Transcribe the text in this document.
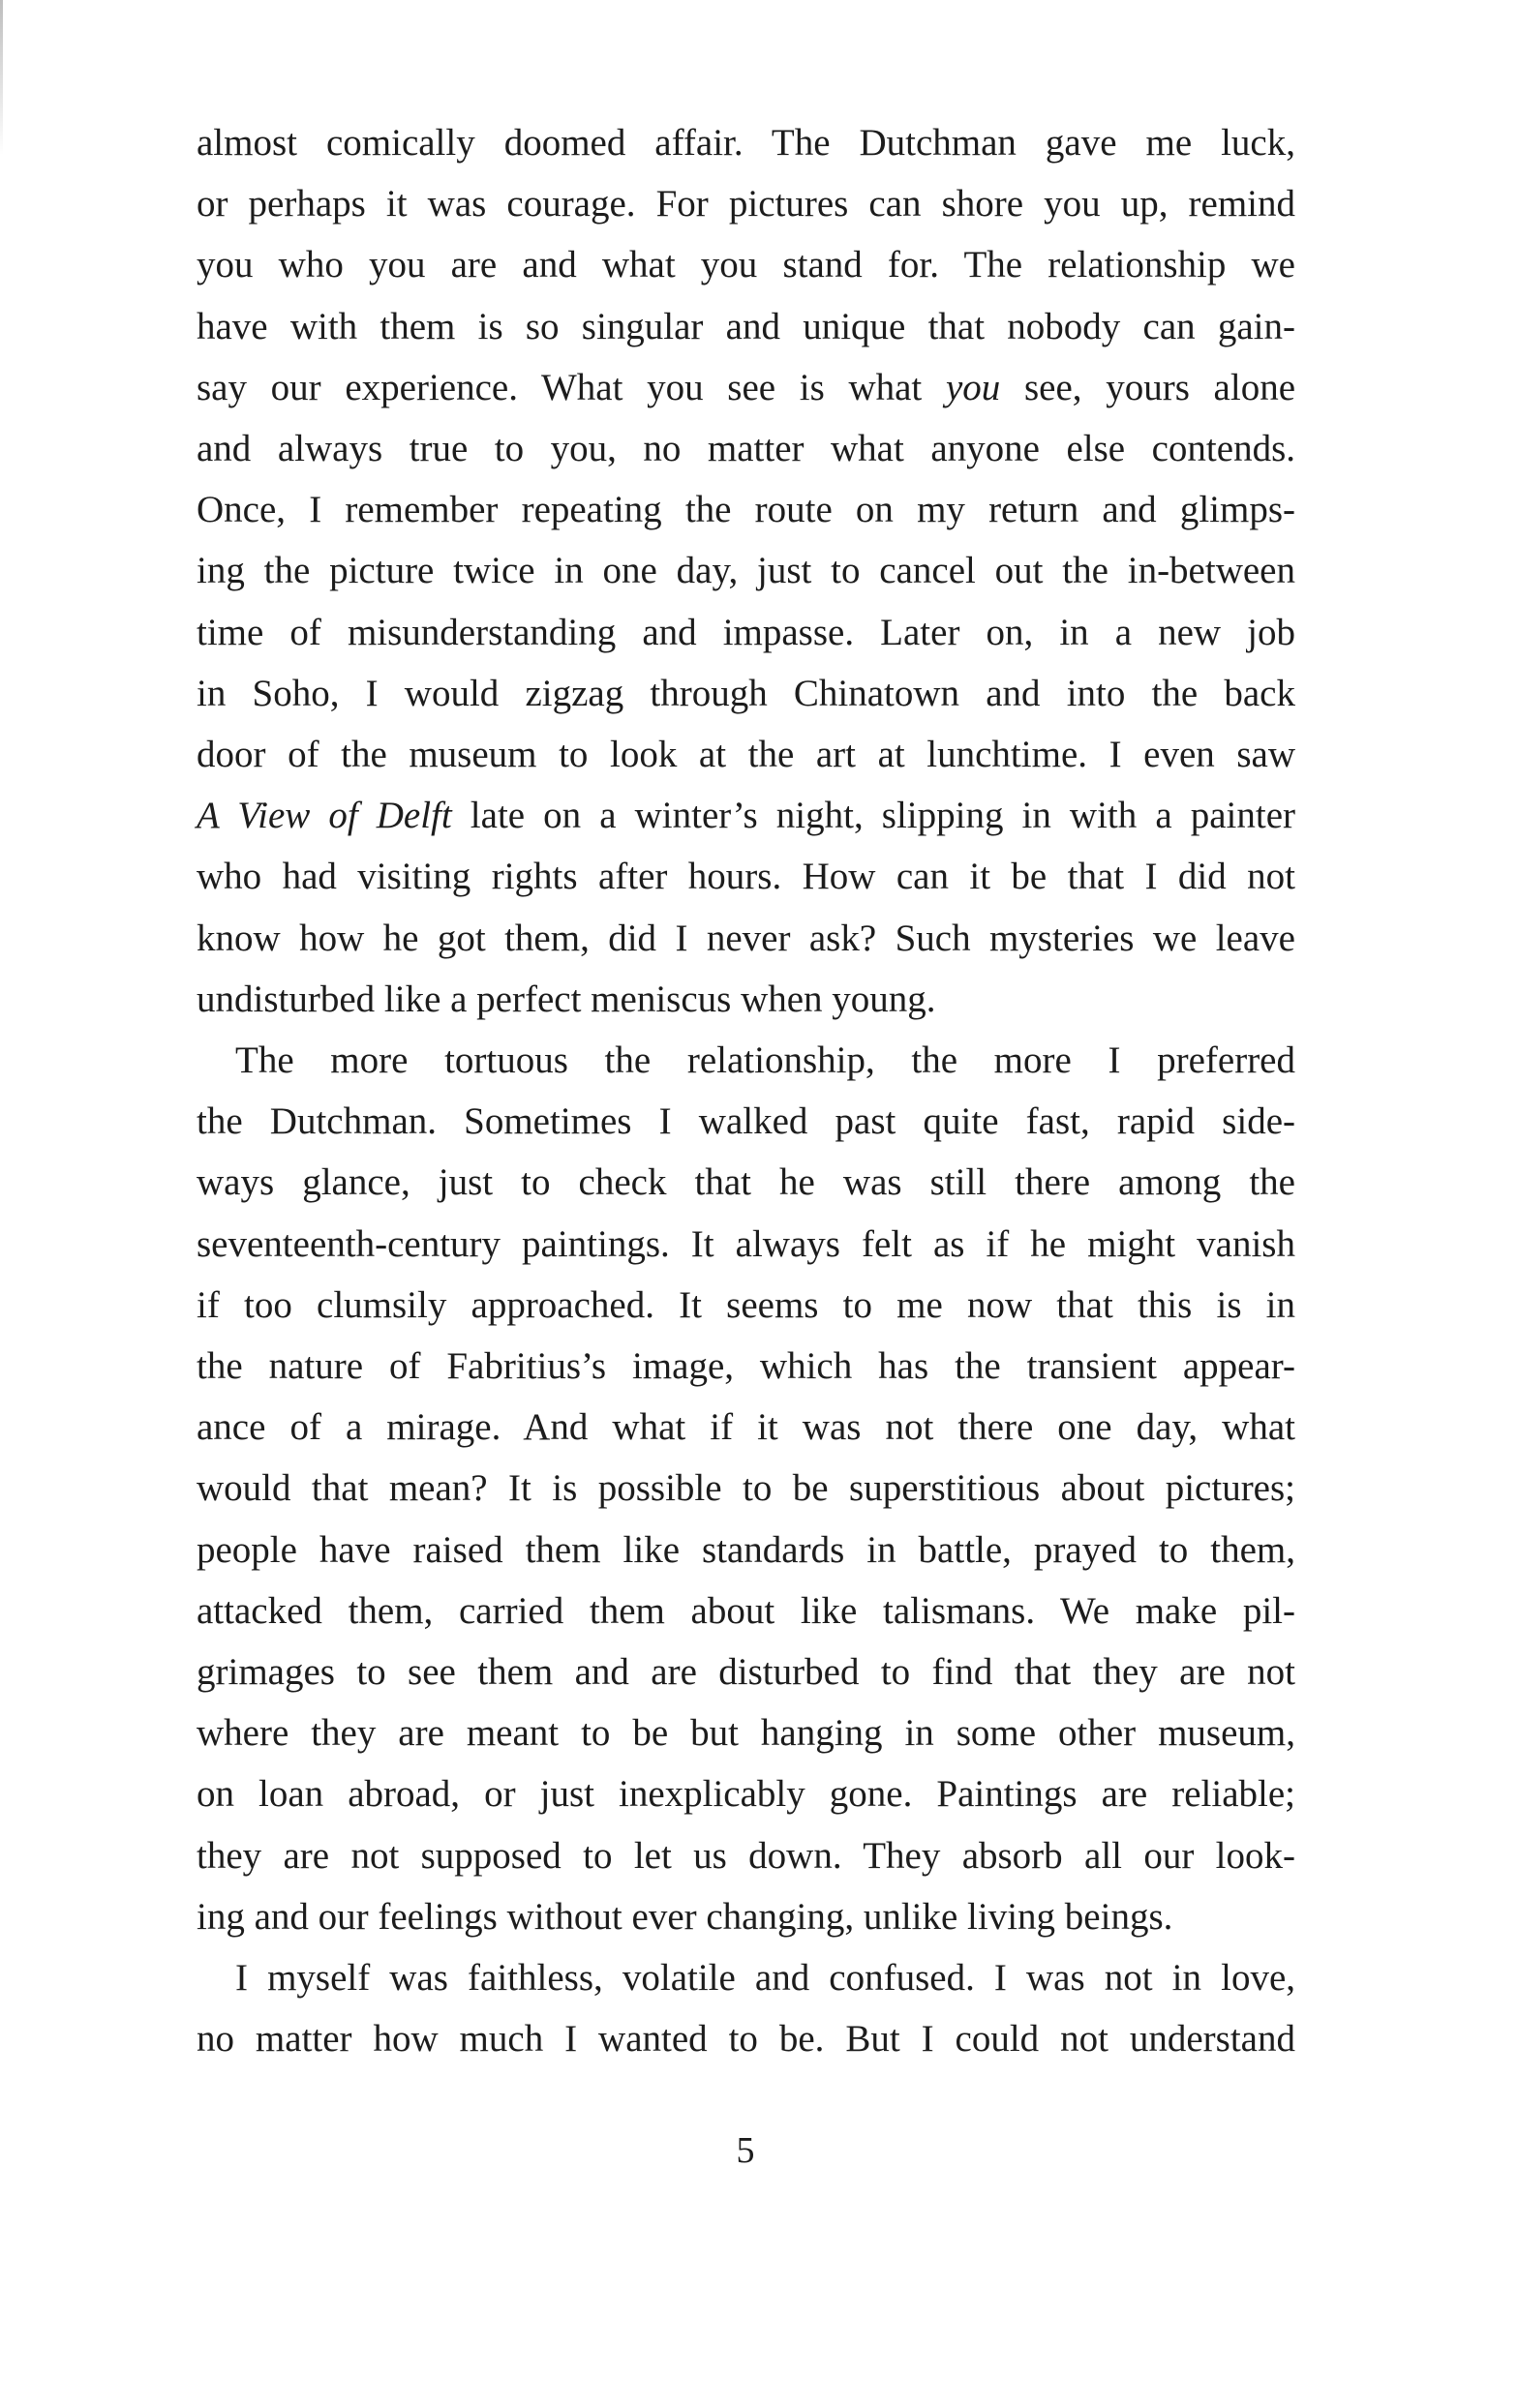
almost comically doomed affair. The Dutchman gave me luck,
or perhaps it was courage. For pictures can shore you up, remind
you who you are and what you stand for. The relationship we
have with them is so singular and unique that nobody can gain-
say our experience. What you see is what you see, yours alone
and always true to you, no matter what anyone else contends.
Once, I remember repeating the route on my return and glimps-
ing the picture twice in one day, just to cancel out the in-between
time of misunderstanding and impasse. Later on, in a new job
in Soho, I would zigzag through Chinatown and into the back
door of the museum to look at the art at lunchtime. I even saw
A View of Delft late on a winter’s night, slipping in with a painter
who had visiting rights after hours. How can it be that I did not
know how he got them, did I never ask? Such mysteries we leave
undisturbed like a perfect meniscus when young.

The more tortuous the relationship, the more I preferred
the Dutchman. Sometimes I walked past quite fast, rapid side-
ways glance, just to check that he was still there among the
seventeenth-century paintings. It always felt as if he might vanish
if too clumsily approached. It seems to me now that this is in
the nature of Fabritius’s image, which has the transient appear-
ance of a mirage. And what if it was not there one day, what
would that mean? It is possible to be superstitious about pictures;
people have raised them like standards in battle, prayed to them,
attacked them, carried them about like talismans. We make pil-
grimages to see them and are disturbed to find that they are not
where they are meant to be but hanging in some other museum,
on loan abroad, or just inexplicably gone. Paintings are reliable;
they are not supposed to let us down. They absorb all our look-
ing and our feelings without ever changing, unlike living beings.

I myself was faithless, volatile and confused. I was not in love,
no matter how much I wanted to be. But I could not understand

5
